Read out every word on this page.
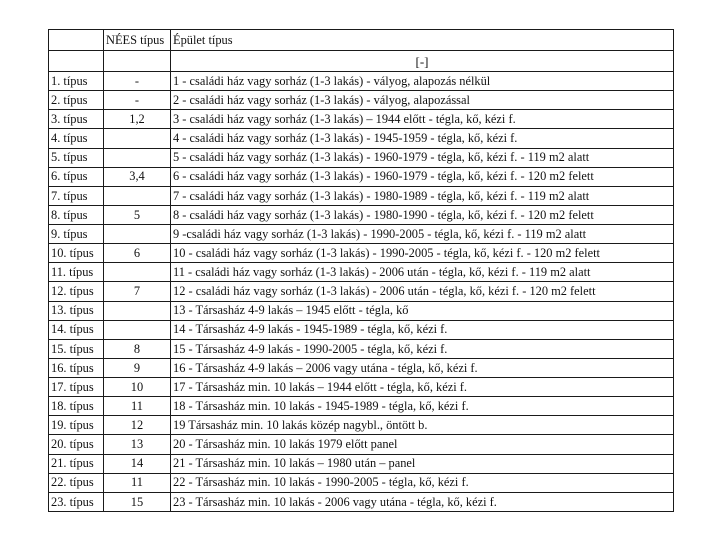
	NÉES típus	Épület típus
		[-]
1. típus	-	1 - családi ház vagy sorház (1-3 lakás) - vályog, alapozás nélkül
2. típus	-	2 - családi ház vagy sorház (1-3 lakás) - vályog, alapozással
3. típus	1,2	3 - családi ház vagy sorház (1-3 lakás) – 1944 előtt - tégla, kő, kézi f.
4. típus		4 - családi ház vagy sorház (1-3 lakás) - 1945-1959 - tégla, kő, kézi f.
5. típus		5 - családi ház vagy sorház (1-3 lakás) - 1960-1979 - tégla, kő, kézi f. - 119 m2 alatt
6. típus	3,4	6 - családi ház vagy sorház (1-3 lakás) - 1960-1979 - tégla, kő, kézi f. - 120 m2 felett
7. típus		7 - családi ház vagy sorház (1-3 lakás) - 1980-1989 - tégla, kő, kézi f. - 119 m2 alatt
8. típus	5	8 - családi ház vagy sorház (1-3 lakás) - 1980-1990 - tégla, kő, kézi f. - 120 m2 felett
9. típus		9 -családi ház vagy sorház (1-3 lakás) - 1990-2005 - tégla, kő, kézi f. - 119 m2 alatt
10. típus	6	10 - családi ház vagy sorház (1-3 lakás) - 1990-2005 - tégla, kő, kézi f. - 120 m2 felett
11. típus		11 - családi ház vagy sorház (1-3 lakás) - 2006 után - tégla, kő, kézi f. - 119 m2 alatt
12. típus	7	12 - családi ház vagy sorház (1-3 lakás) - 2006 után - tégla, kő, kézi f. - 120 m2 felett
13. típus		13 - Társasház 4-9 lakás – 1945 előtt - tégla, kő
14. típus		14 - Társasház 4-9 lakás - 1945-1989 - tégla, kő, kézi f.
15. típus	8	15 - Társasház 4-9 lakás - 1990-2005 - tégla, kő, kézi f.
16. típus	9	16 - Társasház 4-9 lakás – 2006 vagy utána - tégla, kő, kézi f.
17. típus	10	17 - Társasház min. 10 lakás – 1944 előtt - tégla, kő, kézi f.
18. típus	11	18 - Társasház min. 10 lakás - 1945-1989 - tégla, kő, kézi f.
19. típus	12	19 Társasház min. 10 lakás közép nagybl., öntött b.
20. típus	13	20 - Társasház min. 10 lakás 1979 előtt panel
21. típus	14	21 - Társasház min. 10 lakás – 1980 után – panel
22. típus	11	22 - Társasház min. 10 lakás - 1990-2005 - tégla, kő, kézi f.
23. típus	15	23 - Társasház min. 10 lakás - 2006 vagy utána - tégla, kő, kézi f.
